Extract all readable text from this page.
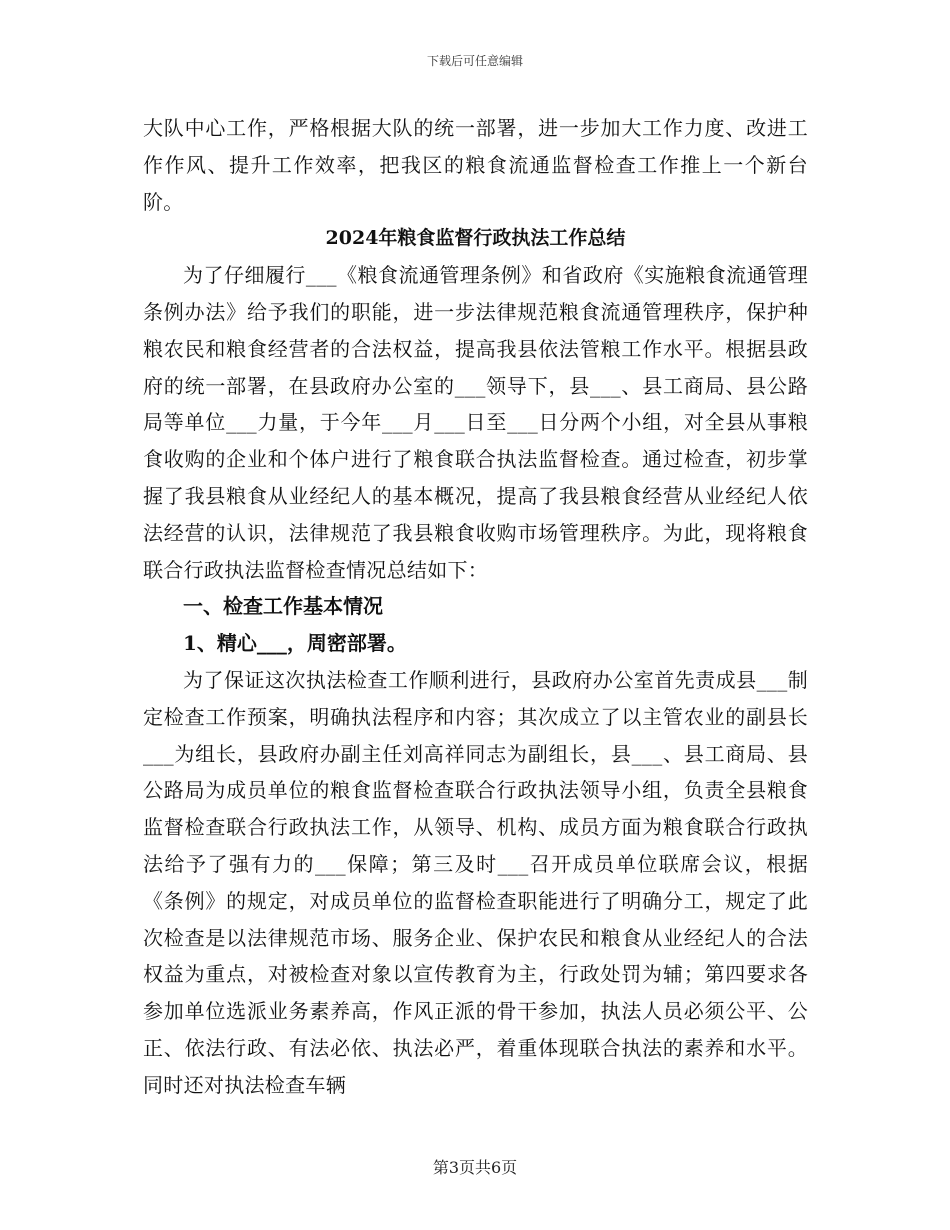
下载后可任意编辑

大队中心工作，严格根据大队的统一部署，进一步加大工作力度、改进工作作风、提升工作效率，把我区的粮食流通监督检查工作推上一个新台阶。

2024年粮食监督行政执法工作总结

为了仔细履行___《粮食流通管理条例》和省政府《实施粮食流通管理条例办法》给予我们的职能，进一步法律规范粮食流通管理秩序，保护种粮农民和粮食经营者的合法权益，提高我县依法管粮工作水平。根据县政府的统一部署，在县政府办公室的___领导下，县___、县工商局、县公路局等单位___力量，于今年___月___日至___日分两个小组，对全县从事粮食收购的企业和个体户进行了粮食联合执法监督检查。通过检查，初步掌握了我县粮食从业经纪人的基本概况，提高了我县粮食经营从业经纪人依法经营的认识，法律规范了我县粮食收购市场管理秩序。为此，现将粮食联合行政执法监督检查情况总结如下：

一、检查工作基本情况
1、精心___，周密部署。

为了保证这次执法检查工作顺利进行，县政府办公室首先责成县___制定检查工作预案，明确执法程序和内容；其次成立了以主管农业的副县长___为组长，县政府办副主任刘高祥同志为副组长，县___、县工商局、县公路局为成员单位的粮食监督检查联合行政执法领导小组，负责全县粮食监督检查联合行政执法工作，从领导、机构、成员方面为粮食联合行政执法给予了强有力的___保障；第三及时___召开成员单位联席会议，根据《条例》的规定，对成员单位的监督检查职能进行了明确分工，规定了此次检查是以法律规范市场、服务企业、保护农民和粮食从业经纪人的合法权益为重点，对被检查对象以宣传教育为主，行政处罚为辅；第四要求各参加单位选派业务素养高，作风正派的骨干参加，执法人员必须公平、公正、依法行政、有法必依、执法必严，着重体现联合执法的素养和水平。同时还对执法检查车辆

第3页共6页
